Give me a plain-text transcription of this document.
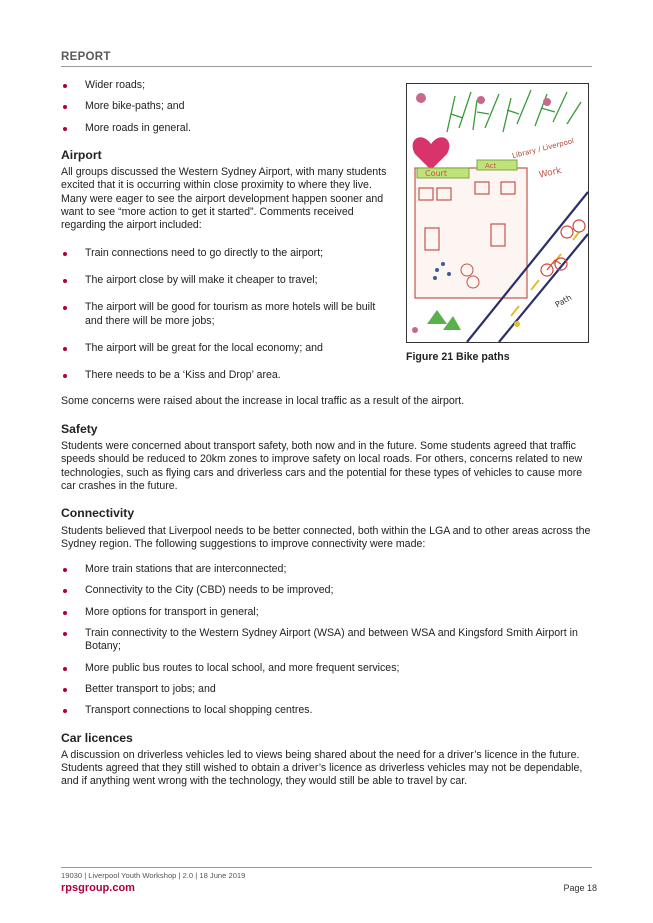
REPORT
Wider roads;
More bike-paths; and
More roads in general.
Airport

All groups discussed the Western Sydney Airport, with many students excited that it is occurring within close proximity to where they live. Many were eager to see the airport development happen sooner and want to see “more action to get it started”. Comments received regarding the airport included:

Train connections need to go directly to the airport;
The airport close by will make it cheaper to travel;
The airport will be good for tourism as more hotels will be built and there will be more jobs;
The airport will be great for the local economy; and
There needs to be a ‘Kiss and Drop’ area.

Some concerns were raised about the increase in local traffic as a result of the airport.

Safety

Students were concerned about transport safety, both now and in the future. Some students agreed that traffic speeds should be reduced to 20km zones to improve safety on local roads. For others, concerns related to new technologies, such as flying cars and driverless cars and the potential for these types of vehicles to cause more car crashes in the future.

Connectivity

Students believed that Liverpool needs to be better connected, both within the LGA and to other areas across the Sydney region. The following suggestions to improve connectivity were made:

More train stations that are interconnected;
Connectivity to the City (CBD) needs to be improved;
More options for transport in general;
Train connectivity to the Western Sydney Airport (WSA) and between WSA and Kingsford Smith Airport in Botany;
More public bus routes to local school, and more frequent services;
Better transport to jobs; and
Transport connections to local shopping centres.
Car licences

A discussion on driverless vehicles led to views being shared about the need for a driver’s licence in the future. Students agreed that they still wished to obtain a driver’s licence as driverless vehicles may not be dependable, and if anything went wrong with the technology, they would still be able to travel by car.

Court
Act
Work
Library / Liverpool
Path
Figure 21 Bike paths
19030 | Liverpool Youth Workshop | 2.0 | 18 June 2019
rpsgroup.com	Page 18
